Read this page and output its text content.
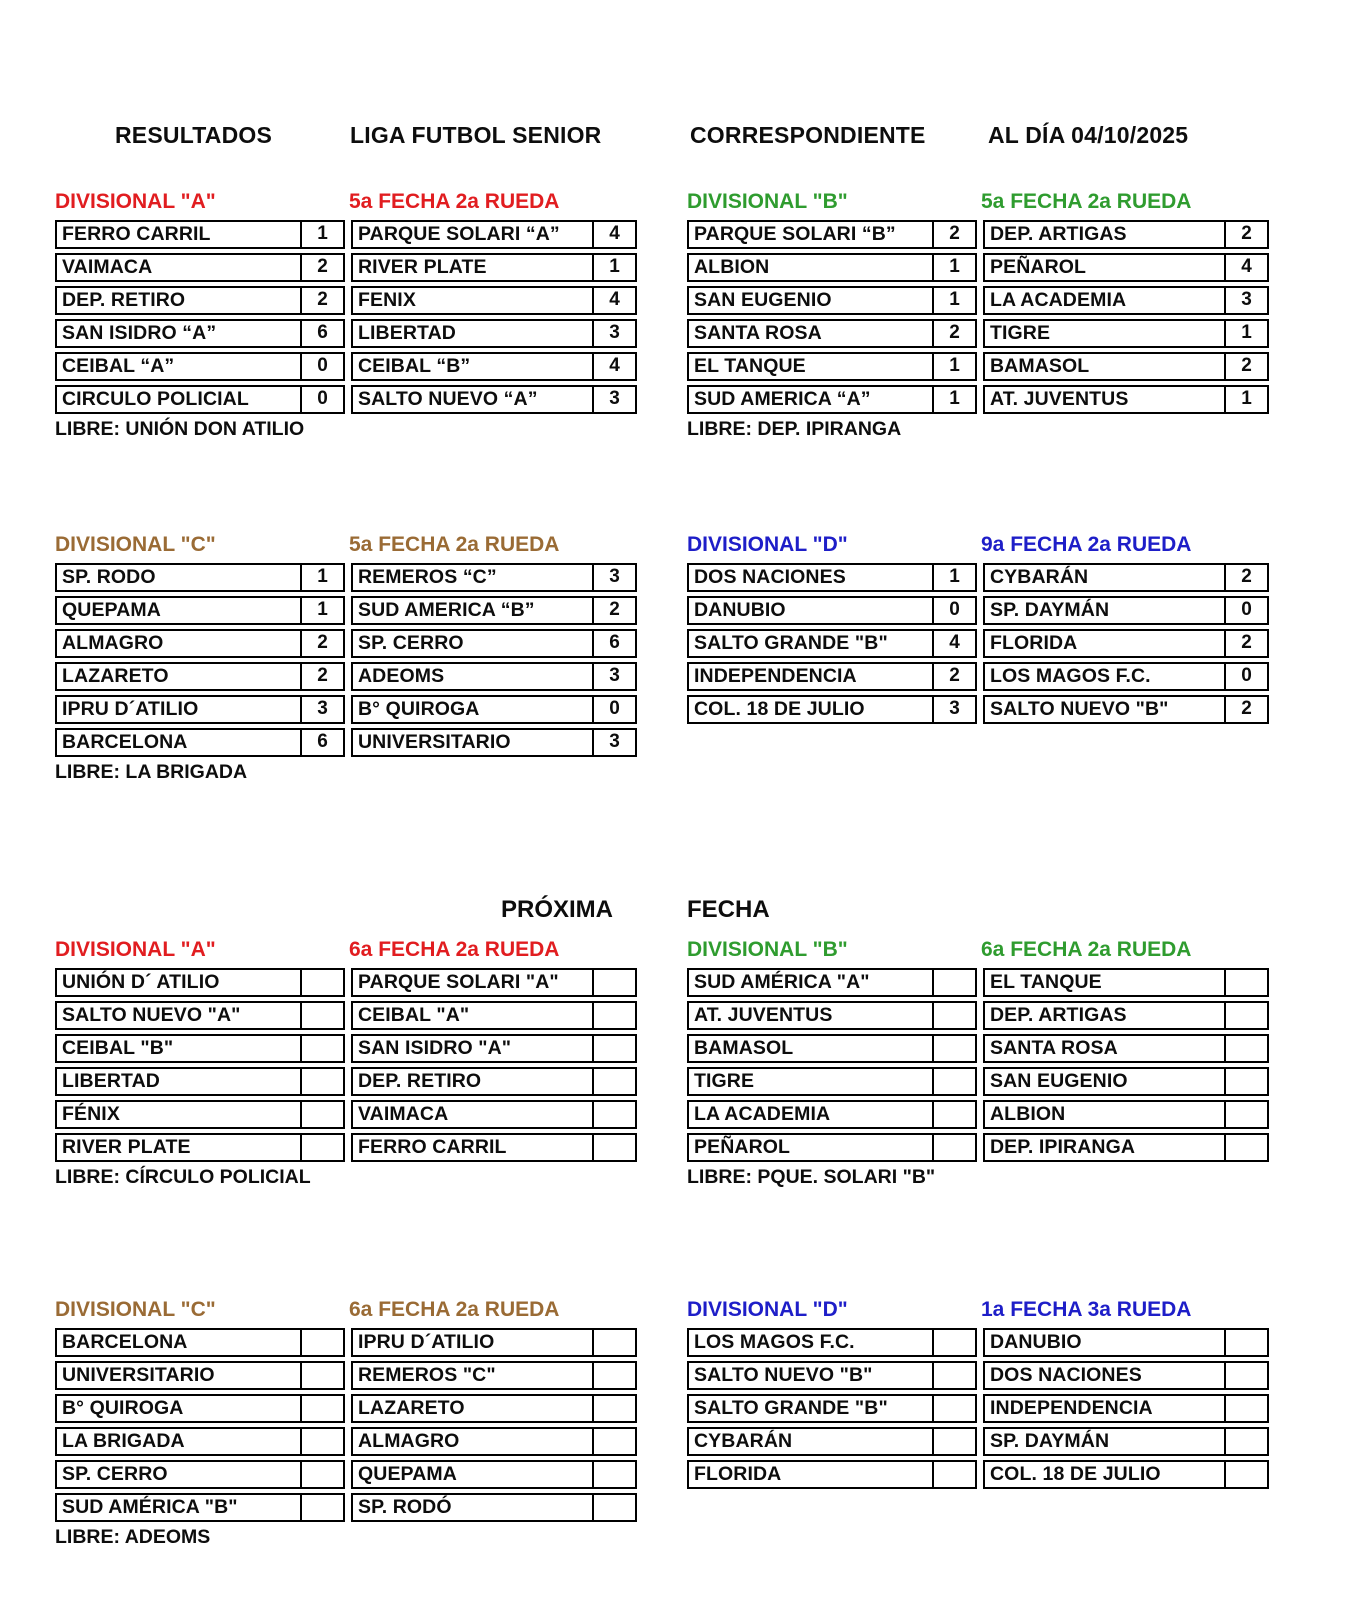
RESULTADOS	LIGA FUTBOL SENIOR	CORRESPONDIENTE	AL DÍA 04/10/2025
DIVISIONAL "A"	5a FECHA 2a RUEDA
FERRO CARRIL	1	PARQUE SOLARI “A”	4
VAIMACA	2	RIVER PLATE	1
DEP. RETIRO	2	FENIX	4
SAN ISIDRO “A”	6	LIBERTAD	3
CEIBAL “A”	0	CEIBAL “B”	4
CIRCULO POLICIAL	0	SALTO NUEVO “A”	3
LIBRE: UNIÓN DON ATILIO
DIVISIONAL "B"	5a FECHA 2a RUEDA
PARQUE SOLARI “B”	2	DEP. ARTIGAS	2
ALBION	1	PEÑAROL	4
SAN EUGENIO	1	LA ACADEMIA	3
SANTA ROSA	2	TIGRE	1
EL TANQUE	1	BAMASOL	2
SUD AMERICA “A”	1	AT. JUVENTUS	1
LIBRE: DEP. IPIRANGA
DIVISIONAL "C"	5a FECHA 2a RUEDA
SP. RODO	1	REMEROS “C”	3
QUEPAMA	1	SUD AMERICA “B”	2
ALMAGRO	2	SP. CERRO	6
LAZARETO	2	ADEOMS	3
IPRU D´ATILIO	3	B° QUIROGA	0
BARCELONA	6	UNIVERSITARIO	3
LIBRE: LA BRIGADA
DIVISIONAL "D"	9a FECHA 2a RUEDA
DOS NACIONES	1	CYBARÁN	2
DANUBIO	0	SP. DAYMÁN	0
SALTO GRANDE "B"	4	FLORIDA	2
INDEPENDENCIA	2	LOS MAGOS F.C.	0
COL. 18 DE JULIO	3	SALTO NUEVO "B"	2
PRÓXIMA	FECHA
DIVISIONAL "A"	6a FECHA 2a RUEDA
UNIÓN D´ ATILIO	PARQUE SOLARI "A"
SALTO NUEVO "A"	CEIBAL "A"
CEIBAL "B"	SAN ISIDRO "A"
LIBERTAD	DEP. RETIRO
FÉNIX	VAIMACA
RIVER PLATE	FERRO CARRIL
LIBRE: CÍRCULO POLICIAL
DIVISIONAL "B"	6a FECHA 2a RUEDA
SUD AMÉRICA "A"	EL TANQUE
AT. JUVENTUS	DEP. ARTIGAS
BAMASOL	SANTA ROSA
TIGRE	SAN EUGENIO
LA ACADEMIA	ALBION
PEÑAROL	DEP. IPIRANGA
LIBRE: PQUE. SOLARI "B"
DIVISIONAL "C"	6a FECHA 2a RUEDA
BARCELONA	IPRU D´ATILIO
UNIVERSITARIO	REMEROS "C"
B° QUIROGA	LAZARETO
LA BRIGADA	ALMAGRO
SP. CERRO	QUEPAMA
SUD AMÉRICA "B"	SP. RODÓ
LIBRE: ADEOMS
DIVISIONAL "D"	1a FECHA 3a RUEDA
LOS MAGOS F.C.	DANUBIO
SALTO NUEVO "B"	DOS NACIONES
SALTO GRANDE "B"	INDEPENDENCIA
CYBARÁN	SP. DAYMÁN
FLORIDA	COL. 18 DE JULIO
